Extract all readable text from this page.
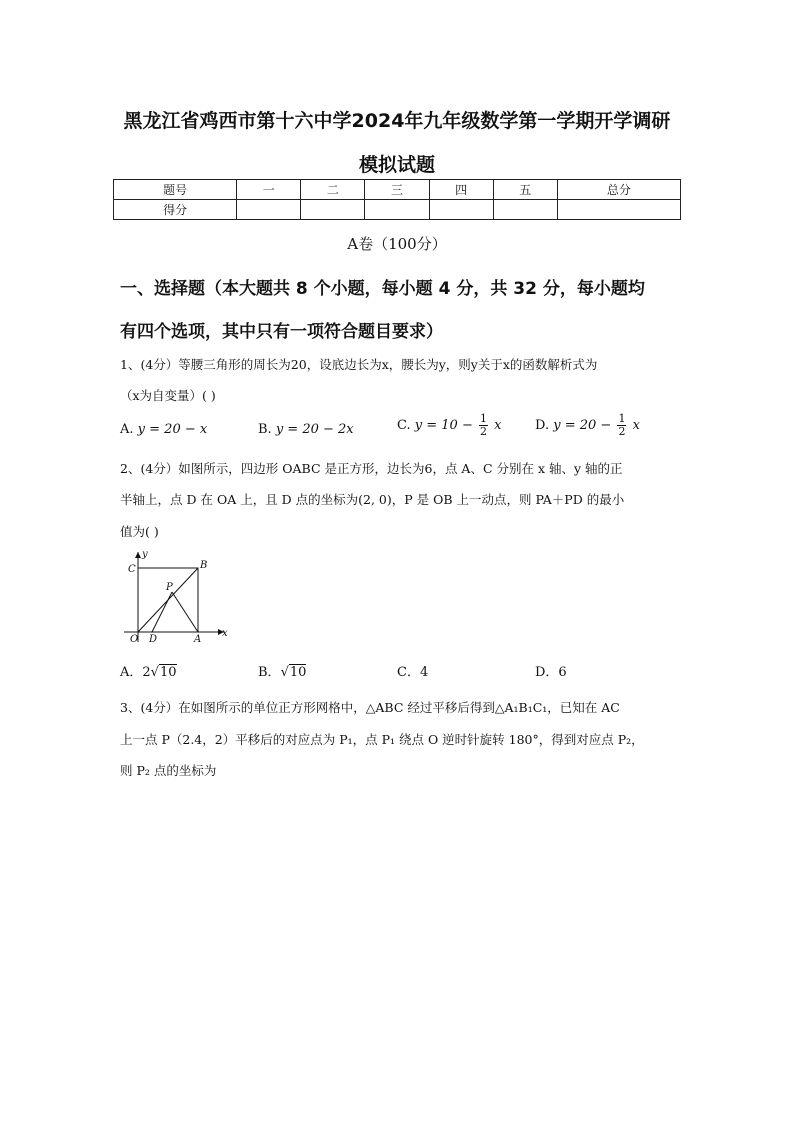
黑龙江省鸡西市第十六中学2024年九年级数学第一学期开学调研
模拟试题
题号	一	二	三	四	五	总分
得分						
A卷（100分）
一、选择题（本大题共 8 个小题，每小题 4 分，共 32 分，每小题均
有四个选项，其中只有一项符合题目要求）
1、(4分）等腰三角形的周长为20，设底边长为x，腰长为y，则y关于x的函数解析式为
（x为自变量）( )
A. y = 20 − x	B. y = 20 − 2x	C. $y = 10 - \frac{1}{2}$ x	D. $y = 20 - \frac{1}{2}$ x
2、(4分）如图所示，四边形 OABC 是正方形，边长为6，点 A、C 分别在 x 轴、y 轴的正
半轴上，点 D 在 OA 上，且 D 点的坐标为(2, 0)，P 是 OB 上一动点，则 PA＋PD 的最小
值为( )
y
x
C	B
P
O D	A
A．2√10	B．√10	C．4	D．6
3、(4分）在如图所示的单位正方形网格中，△ABC 经过平移后得到△A₁B₁C₁，已知在 AC
上一点 P（2.4，2）平移后的对应点为 P₁，点 P₁ 绕点 O 逆时针旋转 180°，得到对应点 P₂，
则 P₂ 点的坐标为
